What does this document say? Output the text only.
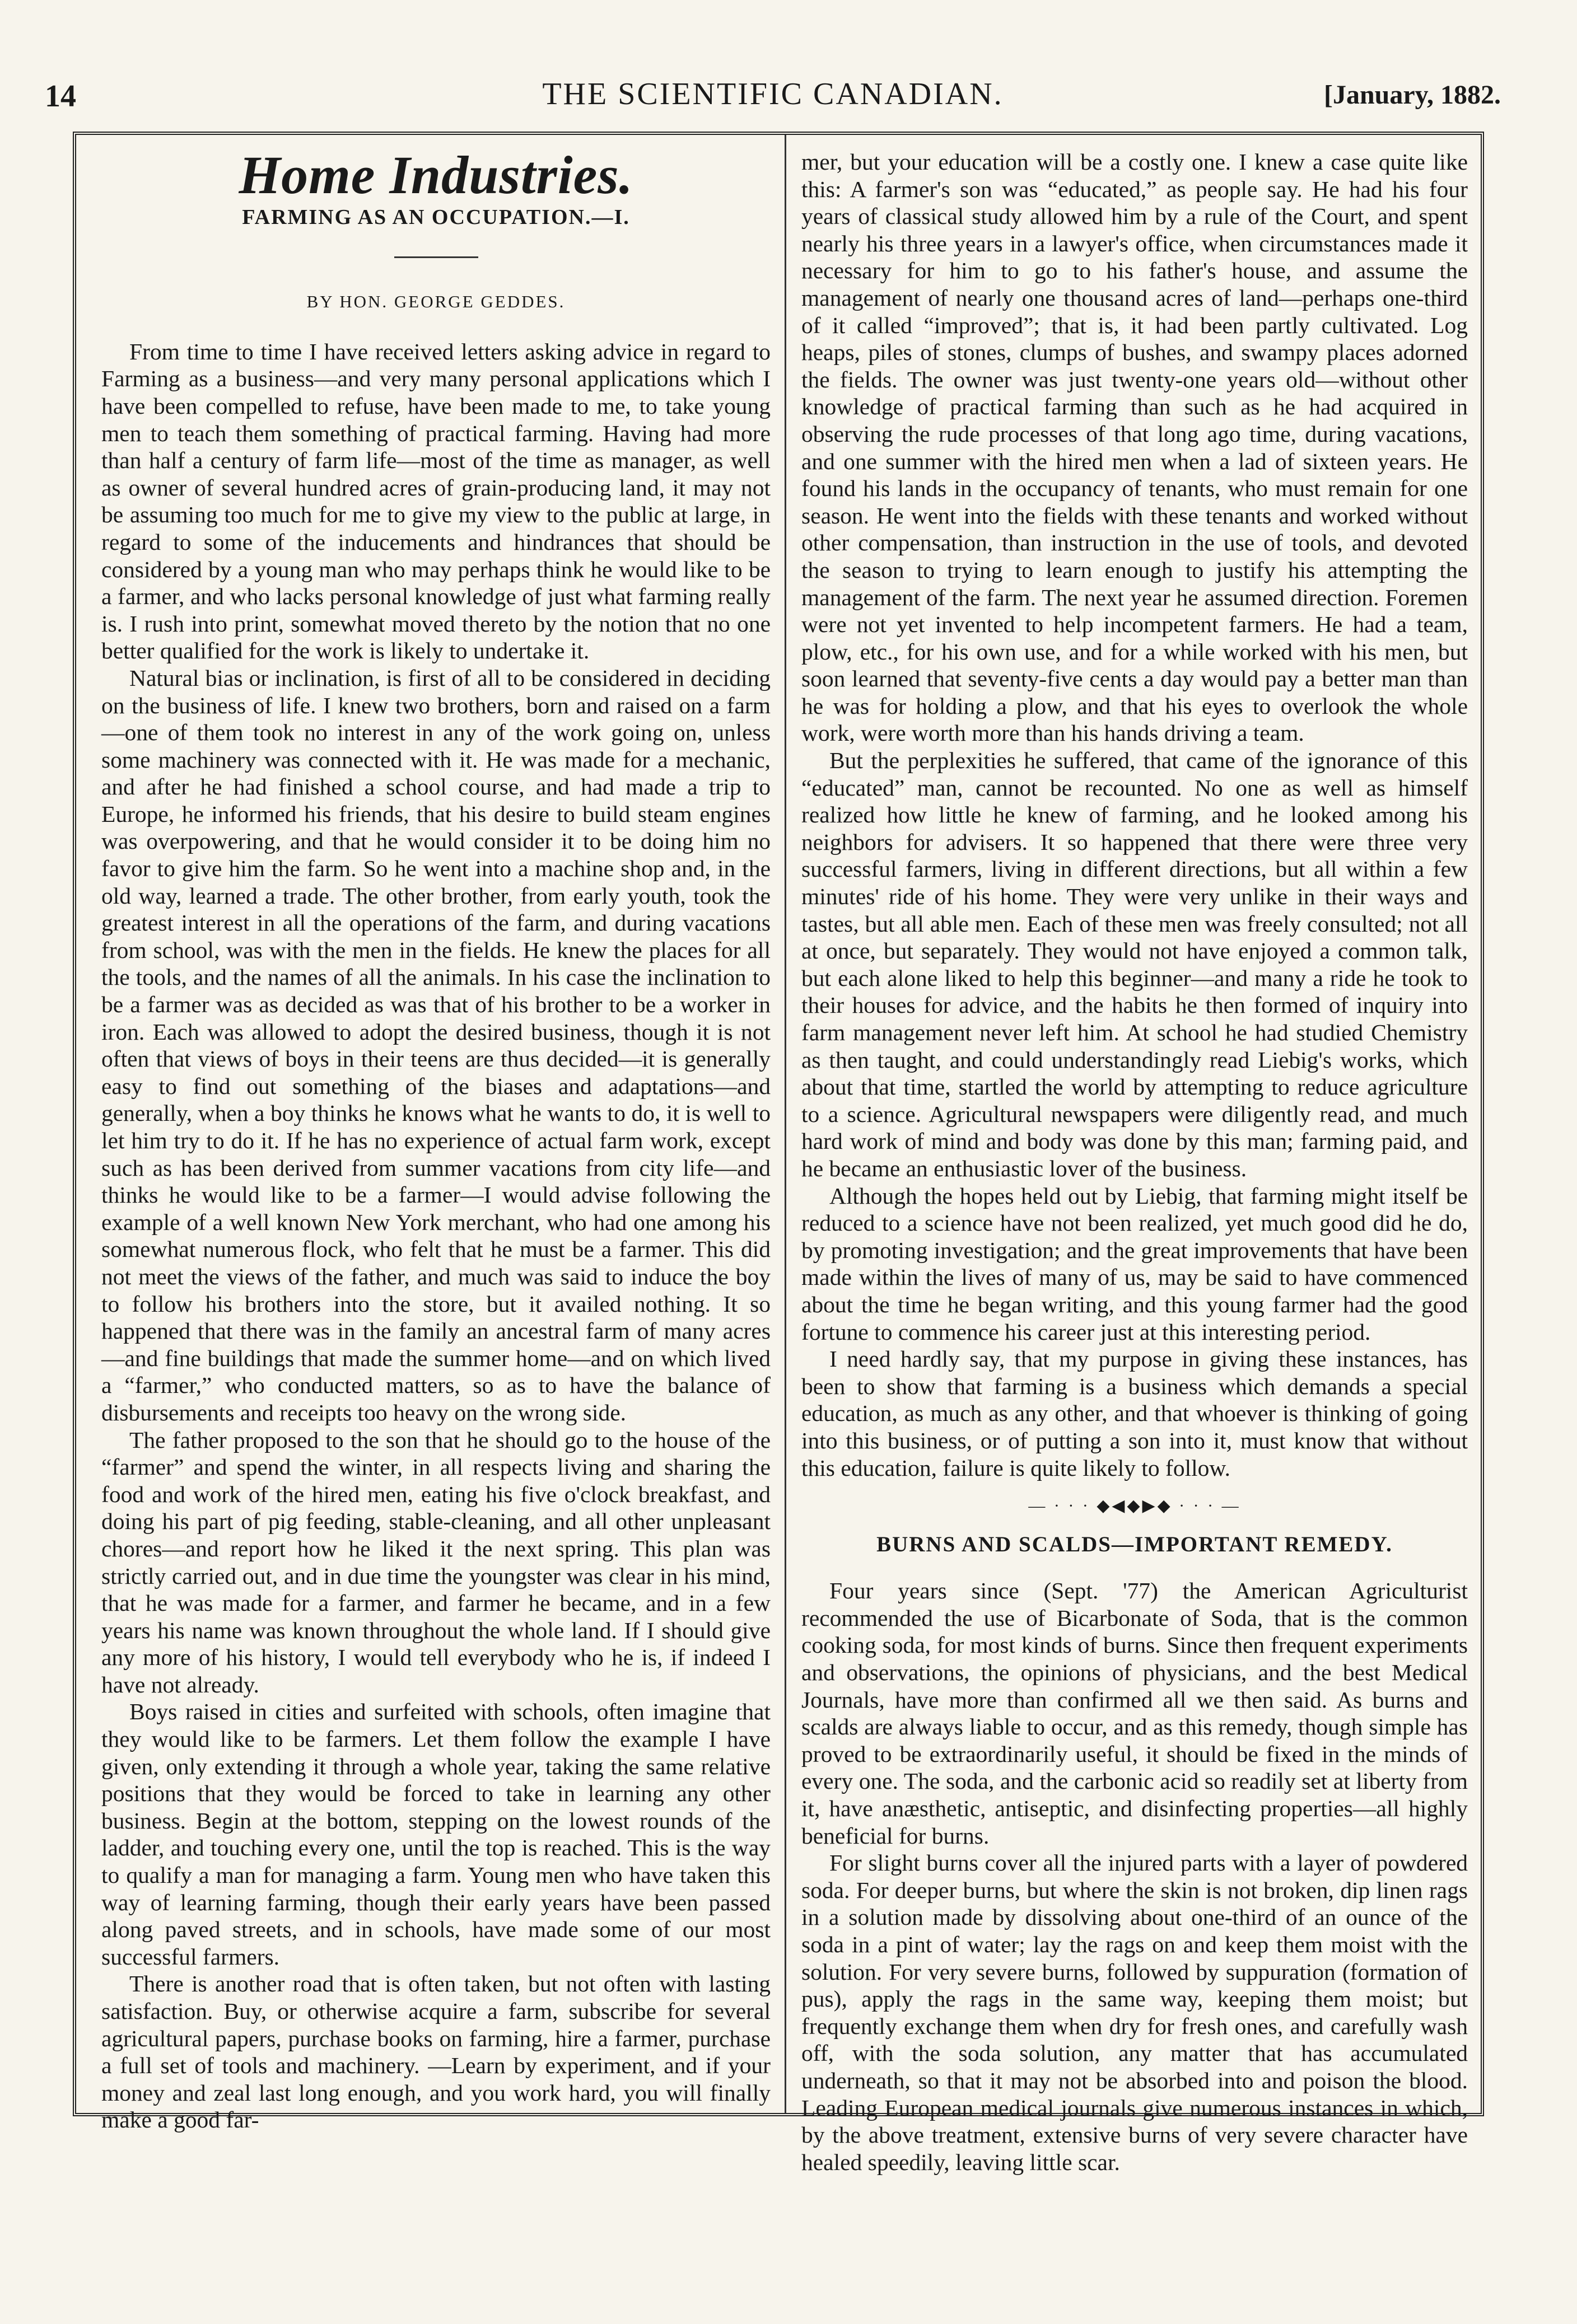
14	THE SCIENTIFIC CANADIAN.	[January, 1882.
Home Industries.
FARMING AS AN OCCUPATION.—I.
BY HON. GEORGE GEDDES.

From time to time I have received letters asking advice in regard to Farming as a business—and very many personal applications which I have been compelled to refuse, have been made to me, to take young men to teach them something of practical farming. Having had more than half a century of farm life—most of the time as manager, as well as owner of several hundred acres of grain-producing land, it may not be assuming too much for me to give my view to the public at large, in regard to some of the inducements and hindrances that should be considered by a young man who may perhaps think he would like to be a farmer, and who lacks personal knowledge of just what farming really is. I rush into print, somewhat moved thereto by the notion that no one better qualified for the work is likely to undertake it.

Natural bias or inclination, is first of all to be considered in deciding on the business of life. I knew two brothers, born and raised on a farm—one of them took no interest in any of the work going on, unless some machinery was connected with it. He was made for a mechanic, and after he had finished a school course, and had made a trip to Europe, he informed his friends, that his desire to build steam engines was overpowering, and that he would consider it to be doing him no favor to give him the farm. So he went into a machine shop and, in the old way, learned a trade. The other brother, from early youth, took the greatest interest in all the operations of the farm, and during vacations from school, was with the men in the fields. He knew the places for all the tools, and the names of all the animals. In his case the inclination to be a farmer was as decided as was that of his brother to be a worker in iron. Each was allowed to adopt the desired business, though it is not often that views of boys in their teens are thus decided—it is generally easy to find out something of the biases and adaptations—and generally, when a boy thinks he knows what he wants to do, it is well to let him try to do it. If he has no experience of actual farm work, except such as has been derived from summer vacations from city life—and thinks he would like to be a farmer—I would advise following the example of a well known New York merchant, who had one among his somewhat numerous flock, who felt that he must be a farmer. This did not meet the views of the father, and much was said to induce the boy to follow his brothers into the store, but it availed nothing. It so happened that there was in the family an ancestral farm of many acres—and fine buildings that made the summer home—and on which lived a “farmer,” who conducted matters, so as to have the balance of disbursements and receipts too heavy on the wrong side.

The father proposed to the son that he should go to the house of the “farmer” and spend the winter, in all respects living and sharing the food and work of the hired men, eating his five o'clock breakfast, and doing his part of pig feeding, stable-cleaning, and all other unpleasant chores—and report how he liked it the next spring. This plan was strictly carried out, and in due time the youngster was clear in his mind, that he was made for a farmer, and farmer he became, and in a few years his name was known throughout the whole land. If I should give any more of his history, I would tell everybody who he is, if indeed I have not already.

Boys raised in cities and surfeited with schools, often imagine that they would like to be farmers. Let them follow the example I have given, only extending it through a whole year, taking the same relative positions that they would be forced to take in learning any other business. Begin at the bottom, stepping on the lowest rounds of the ladder, and touching every one, until the top is reached. This is the way to qualify a man for managing a farm. Young men who have taken this way of learning farming, though their early years have been passed along paved streets, and in schools, have made some of our most successful farmers.

There is another road that is often taken, but not often with lasting satisfaction. Buy, or otherwise acquire a farm, subscribe for several agricultural papers, purchase books on farming, hire a farmer, purchase a full set of tools and machinery. —Learn by experiment, and if your money and zeal last long enough, and you work hard, you will finally make a good far-

mer, but your education will be a costly one. I knew a case quite like this: A farmer's son was “educated,” as people say. He had his four years of classical study allowed him by a rule of the Court, and spent nearly his three years in a lawyer's office, when circumstances made it necessary for him to go to his father's house, and assume the management of nearly one thousand acres of land—perhaps one-third of it called “improved”; that is, it had been partly cultivated. Log heaps, piles of stones, clumps of bushes, and swampy places adorned the fields. The owner was just twenty-one years old—without other knowledge of practical farming than such as he had acquired in observing the rude processes of that long ago time, during vacations, and one summer with the hired men when a lad of sixteen years. He found his lands in the occupancy of tenants, who must remain for one season. He went into the fields with these tenants and worked without other compensation, than instruction in the use of tools, and devoted the season to trying to learn enough to justify his attempting the management of the farm. The next year he assumed direction. Foremen were not yet invented to help incompetent farmers. He had a team, plow, etc., for his own use, and for a while worked with his men, but soon learned that seventy-five cents a day would pay a better man than he was for holding a plow, and that his eyes to overlook the whole work, were worth more than his hands driving a team.

But the perplexities he suffered, that came of the ignorance of this “educated” man, cannot be recounted. No one as well as himself realized how little he knew of farming, and he looked among his neighbors for advisers. It so happened that there were three very successful farmers, living in different directions, but all within a few minutes' ride of his home. They were very unlike in their ways and tastes, but all able men. Each of these men was freely consulted; not all at once, but separately. They would not have enjoyed a common talk, but each alone liked to help this beginner—and many a ride he took to their houses for advice, and the habits he then formed of inquiry into farm management never left him. At school he had studied Chemistry as then taught, and could understandingly read Liebig's works, which about that time, startled the world by attempting to reduce agriculture to a science. Agricultural newspapers were diligently read, and much hard work of mind and body was done by this man; farming paid, and he became an enthusiastic lover of the business.

Although the hopes held out by Liebig, that farming might itself be reduced to a science have not been realized, yet much good did he do, by promoting investigation; and the great improvements that have been made within the lives of many of us, may be said to have commenced about the time he began writing, and this young farmer had the good fortune to commence his career just at this interesting period.

I need hardly say, that my purpose in giving these instances, has been to show that farming is a business which demands a special education, as much as any other, and that whoever is thinking of going into this business, or of putting a son into it, must know that without this education, failure is quite likely to follow.

— · · · ◆◀◆▶◆ · · · —
BURNS AND SCALDS—IMPORTANT REMEDY.

Four years since (Sept. '77) the American Agriculturist recommended the use of Bicarbonate of Soda, that is the common cooking soda, for most kinds of burns. Since then frequent experiments and observations, the opinions of physicians, and the best Medical Journals, have more than confirmed all we then said. As burns and scalds are always liable to occur, and as this remedy, though simple has proved to be extraordinarily useful, it should be fixed in the minds of every one. The soda, and the carbonic acid so readily set at liberty from it, have anæsthetic, antiseptic, and disinfecting properties—all highly beneficial for burns.

For slight burns cover all the injured parts with a layer of powdered soda. For deeper burns, but where the skin is not broken, dip linen rags in a solution made by dissolving about one-third of an ounce of the soda in a pint of water; lay the rags on and keep them moist with the solution. For very severe burns, followed by suppuration (formation of pus), apply the rags in the same way, keeping them moist; but frequently exchange them when dry for fresh ones, and carefully wash off, with the soda solution, any matter that has accumulated underneath, so that it may not be absorbed into and poison the blood. Leading European medical journals give numerous instances in which, by the above treatment, extensive burns of very severe character have healed speedily, leaving little scar.
